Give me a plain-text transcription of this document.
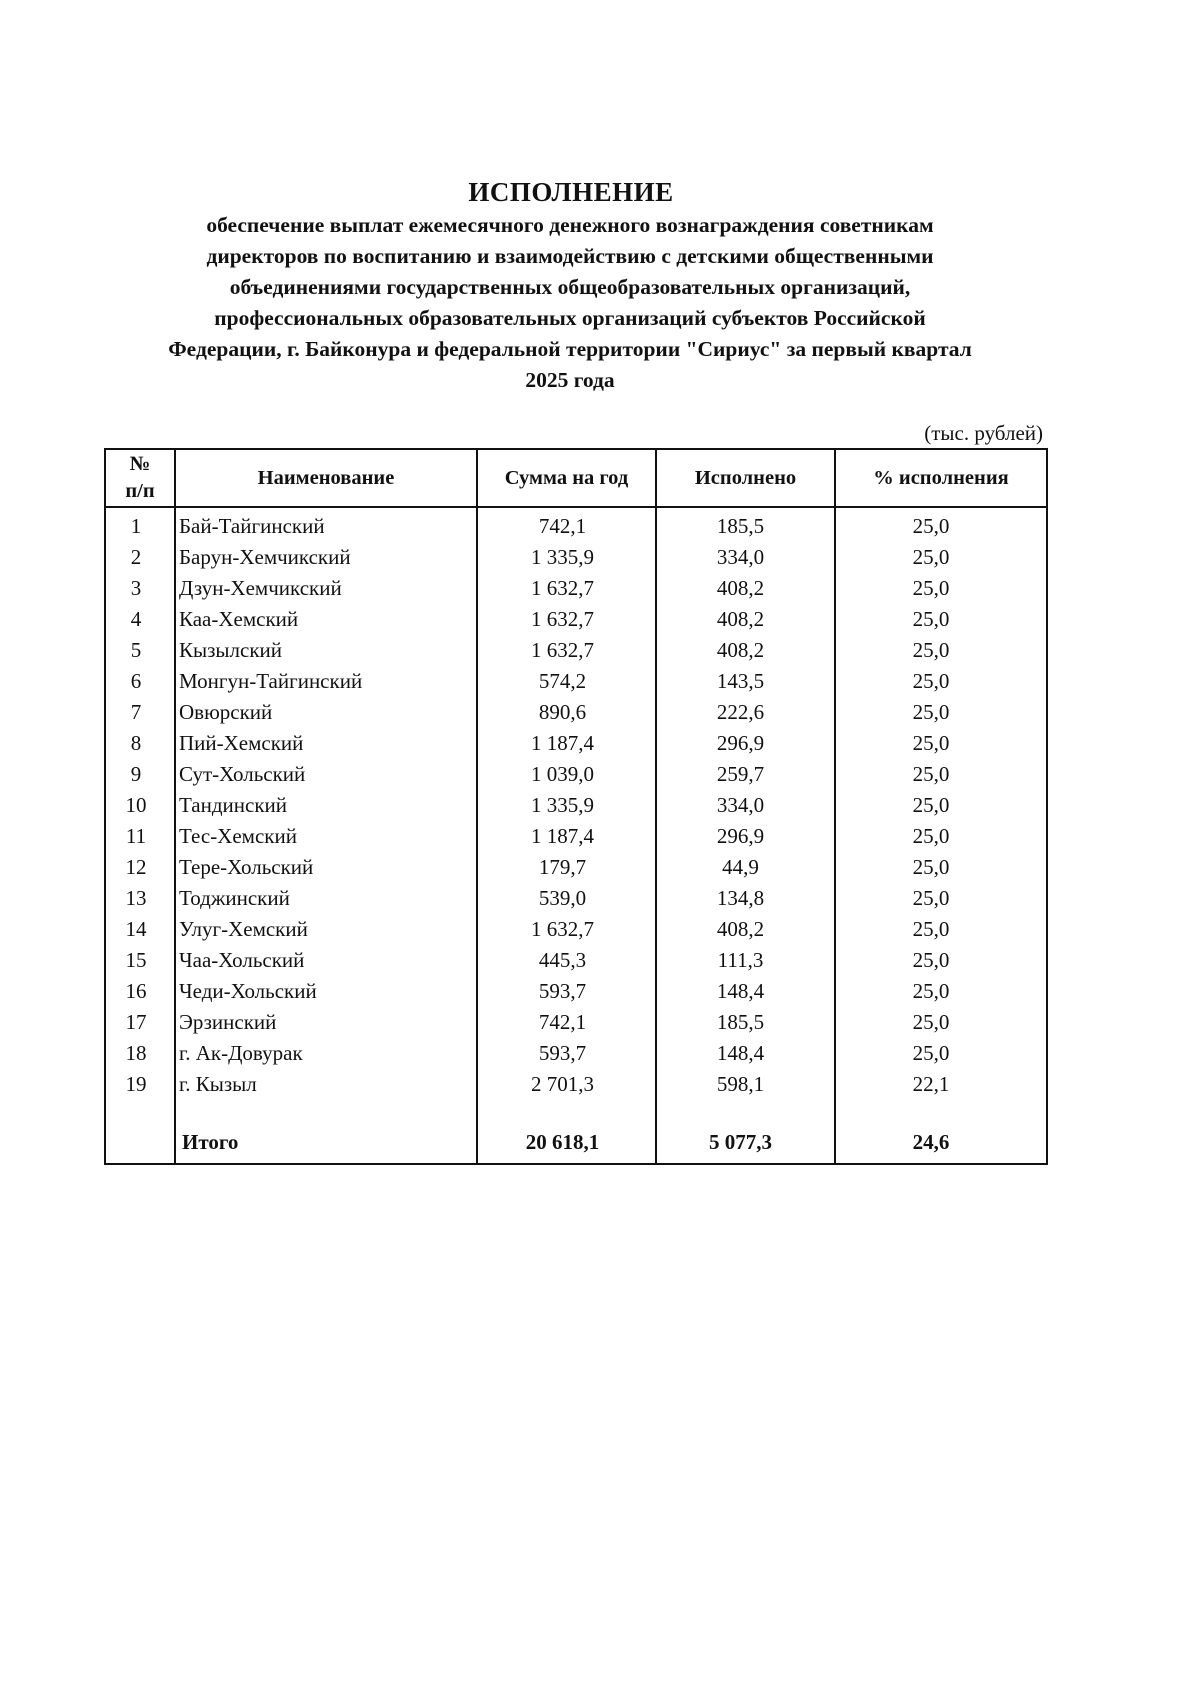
ИСПОЛНЕНИЕ
обеспечение выплат ежемесячного денежного вознаграждения советникам
директоров по воспитанию и взаимодействию с детскими общественными
объединениями государственных общеобразовательных организаций,
профессиональных образовательных организаций субъектов Российской
Федерации, г. Байконура и федеральной территории "Сириус" за первый квартал
2025 года
(тыс. рублей)
№
п/п	Наименование	Сумма на год	Исполнено	% исполнения
1	Бай-Тайгинский	742,1	185,5	25,0
2	Барун-Хемчикский	1 335,9	334,0	25,0
3	Дзун-Хемчикский	1 632,7	408,2	25,0
4	Каа-Хемский	1 632,7	408,2	25,0
5	Кызылский	1 632,7	408,2	25,0
6	Монгун-Тайгинский	574,2	143,5	25,0
7	Овюрский	890,6	222,6	25,0
8	Пий-Хемский	1 187,4	296,9	25,0
9	Сут-Хольский	1 039,0	259,7	25,0
10	Тандинский	1 335,9	334,0	25,0
11	Тес-Хемский	1 187,4	296,9	25,0
12	Тере-Хольский	179,7	44,9	25,0
13	Тоджинский	539,0	134,8	25,0
14	Улуг-Хемский	1 632,7	408,2	25,0
15	Чаа-Хольский	445,3	111,3	25,0
16	Чеди-Хольский	593,7	148,4	25,0
17	Эрзинский	742,1	185,5	25,0
18	г. Ак-Довурак	593,7	148,4	25,0
19	г. Кызыл	2 701,3	598,1	22,1

	Итого	20 618,1	5 077,3	24,6
